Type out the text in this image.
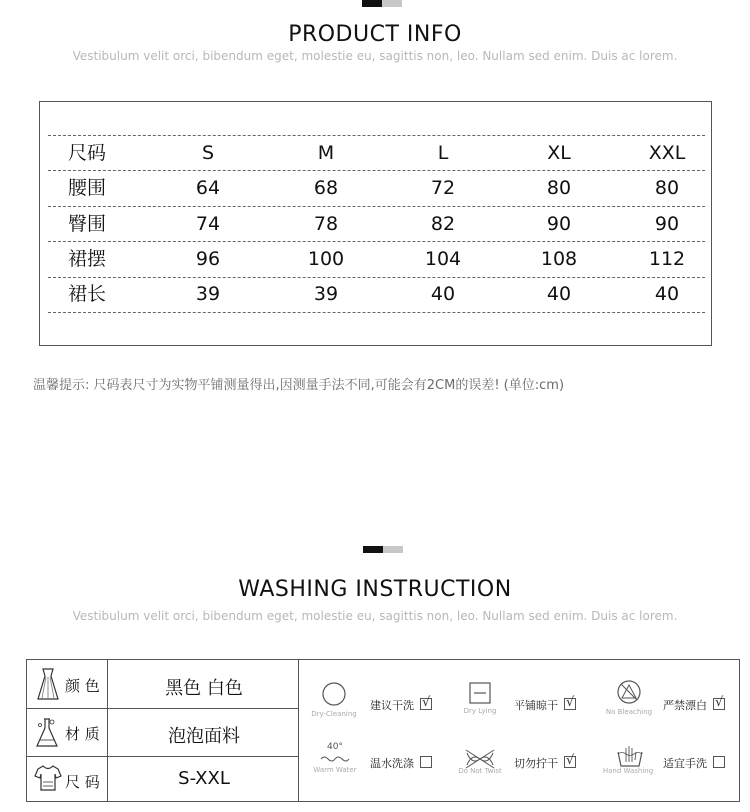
PRODUCT INFO
Vestibulum velit orci, bibendum eget, molestie eu, sagittis non, leo. Nullam sed enim. Duis ac lorem.
尺码	S	M	L	XL	XXL
腰围	64	68	72	80	80
臀围	74	78	82	90	90
裙摆	96	100	104	108	112
裙长	39	39	40	40	40
温馨提示: 尺码表尺寸为实物平铺测量得出,因测量手法不同,可能会有2CM的误差! (单位:cm)
WASHING INSTRUCTION
Vestibulum velit orci, bibendum eget, molestie eu, sagittis non, leo. Nullam sed enim. Duis ac lorem.
颜 色	黑色 白色
材 质	泡泡面料
尺 码	S-XXL
Dry-Cleaning
建议干洗 √
Dry Lying	平铺晾干 √
No Bleaching 严禁漂白 √
40°
Warm Water	温水洗涤
Do Not Twist
切勿拧干 √
Hand Washing
适宜手洗
